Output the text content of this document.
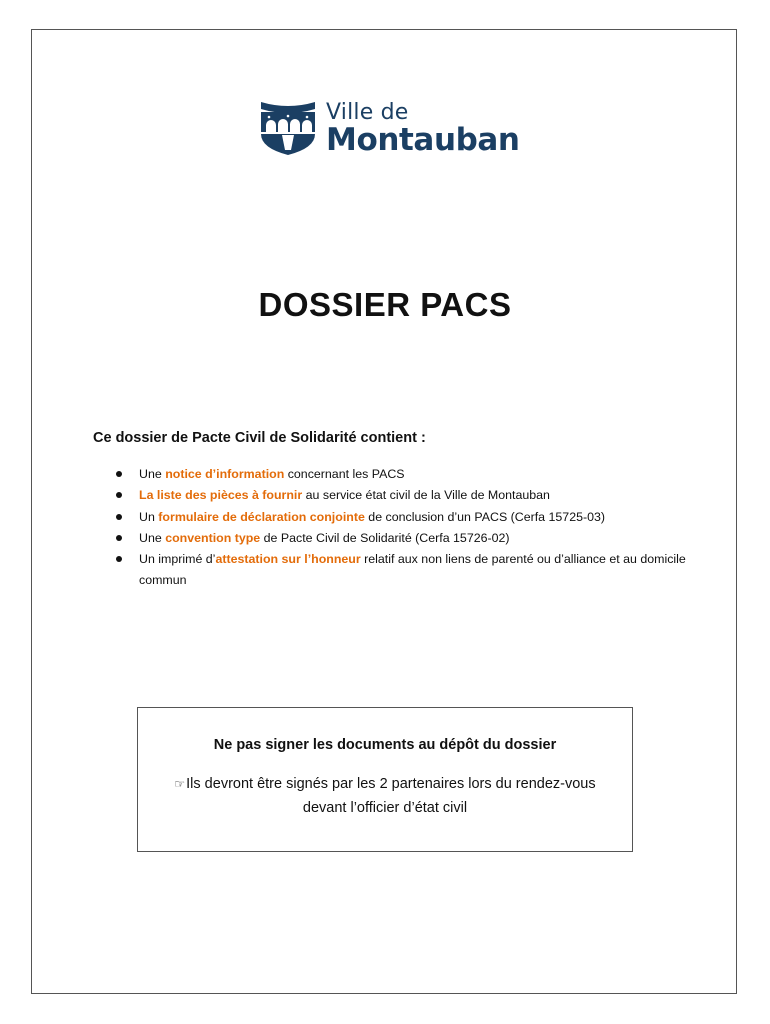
Ville de
Montauban
DOSSIER PACS
Ce dossier de Pacte Civil de Solidarité contient :
Une notice d’information concernant les PACS
La liste des pièces à fournir au service état civil de la Ville de Montauban
Un formulaire de déclaration conjointe de conclusion d’un PACS (Cerfa 15725-03)
Une convention type de Pacte Civil de Solidarité (Cerfa 15726-02)
Un imprimé d’attestation sur l’honneur relatif aux non liens de parenté ou d’alliance et au domicile commun
Ne pas signer les documents au dépôt du dossier
☞Ils devront être signés par les 2 partenaires lors du rendez-vous devant l’officier d’état civil
